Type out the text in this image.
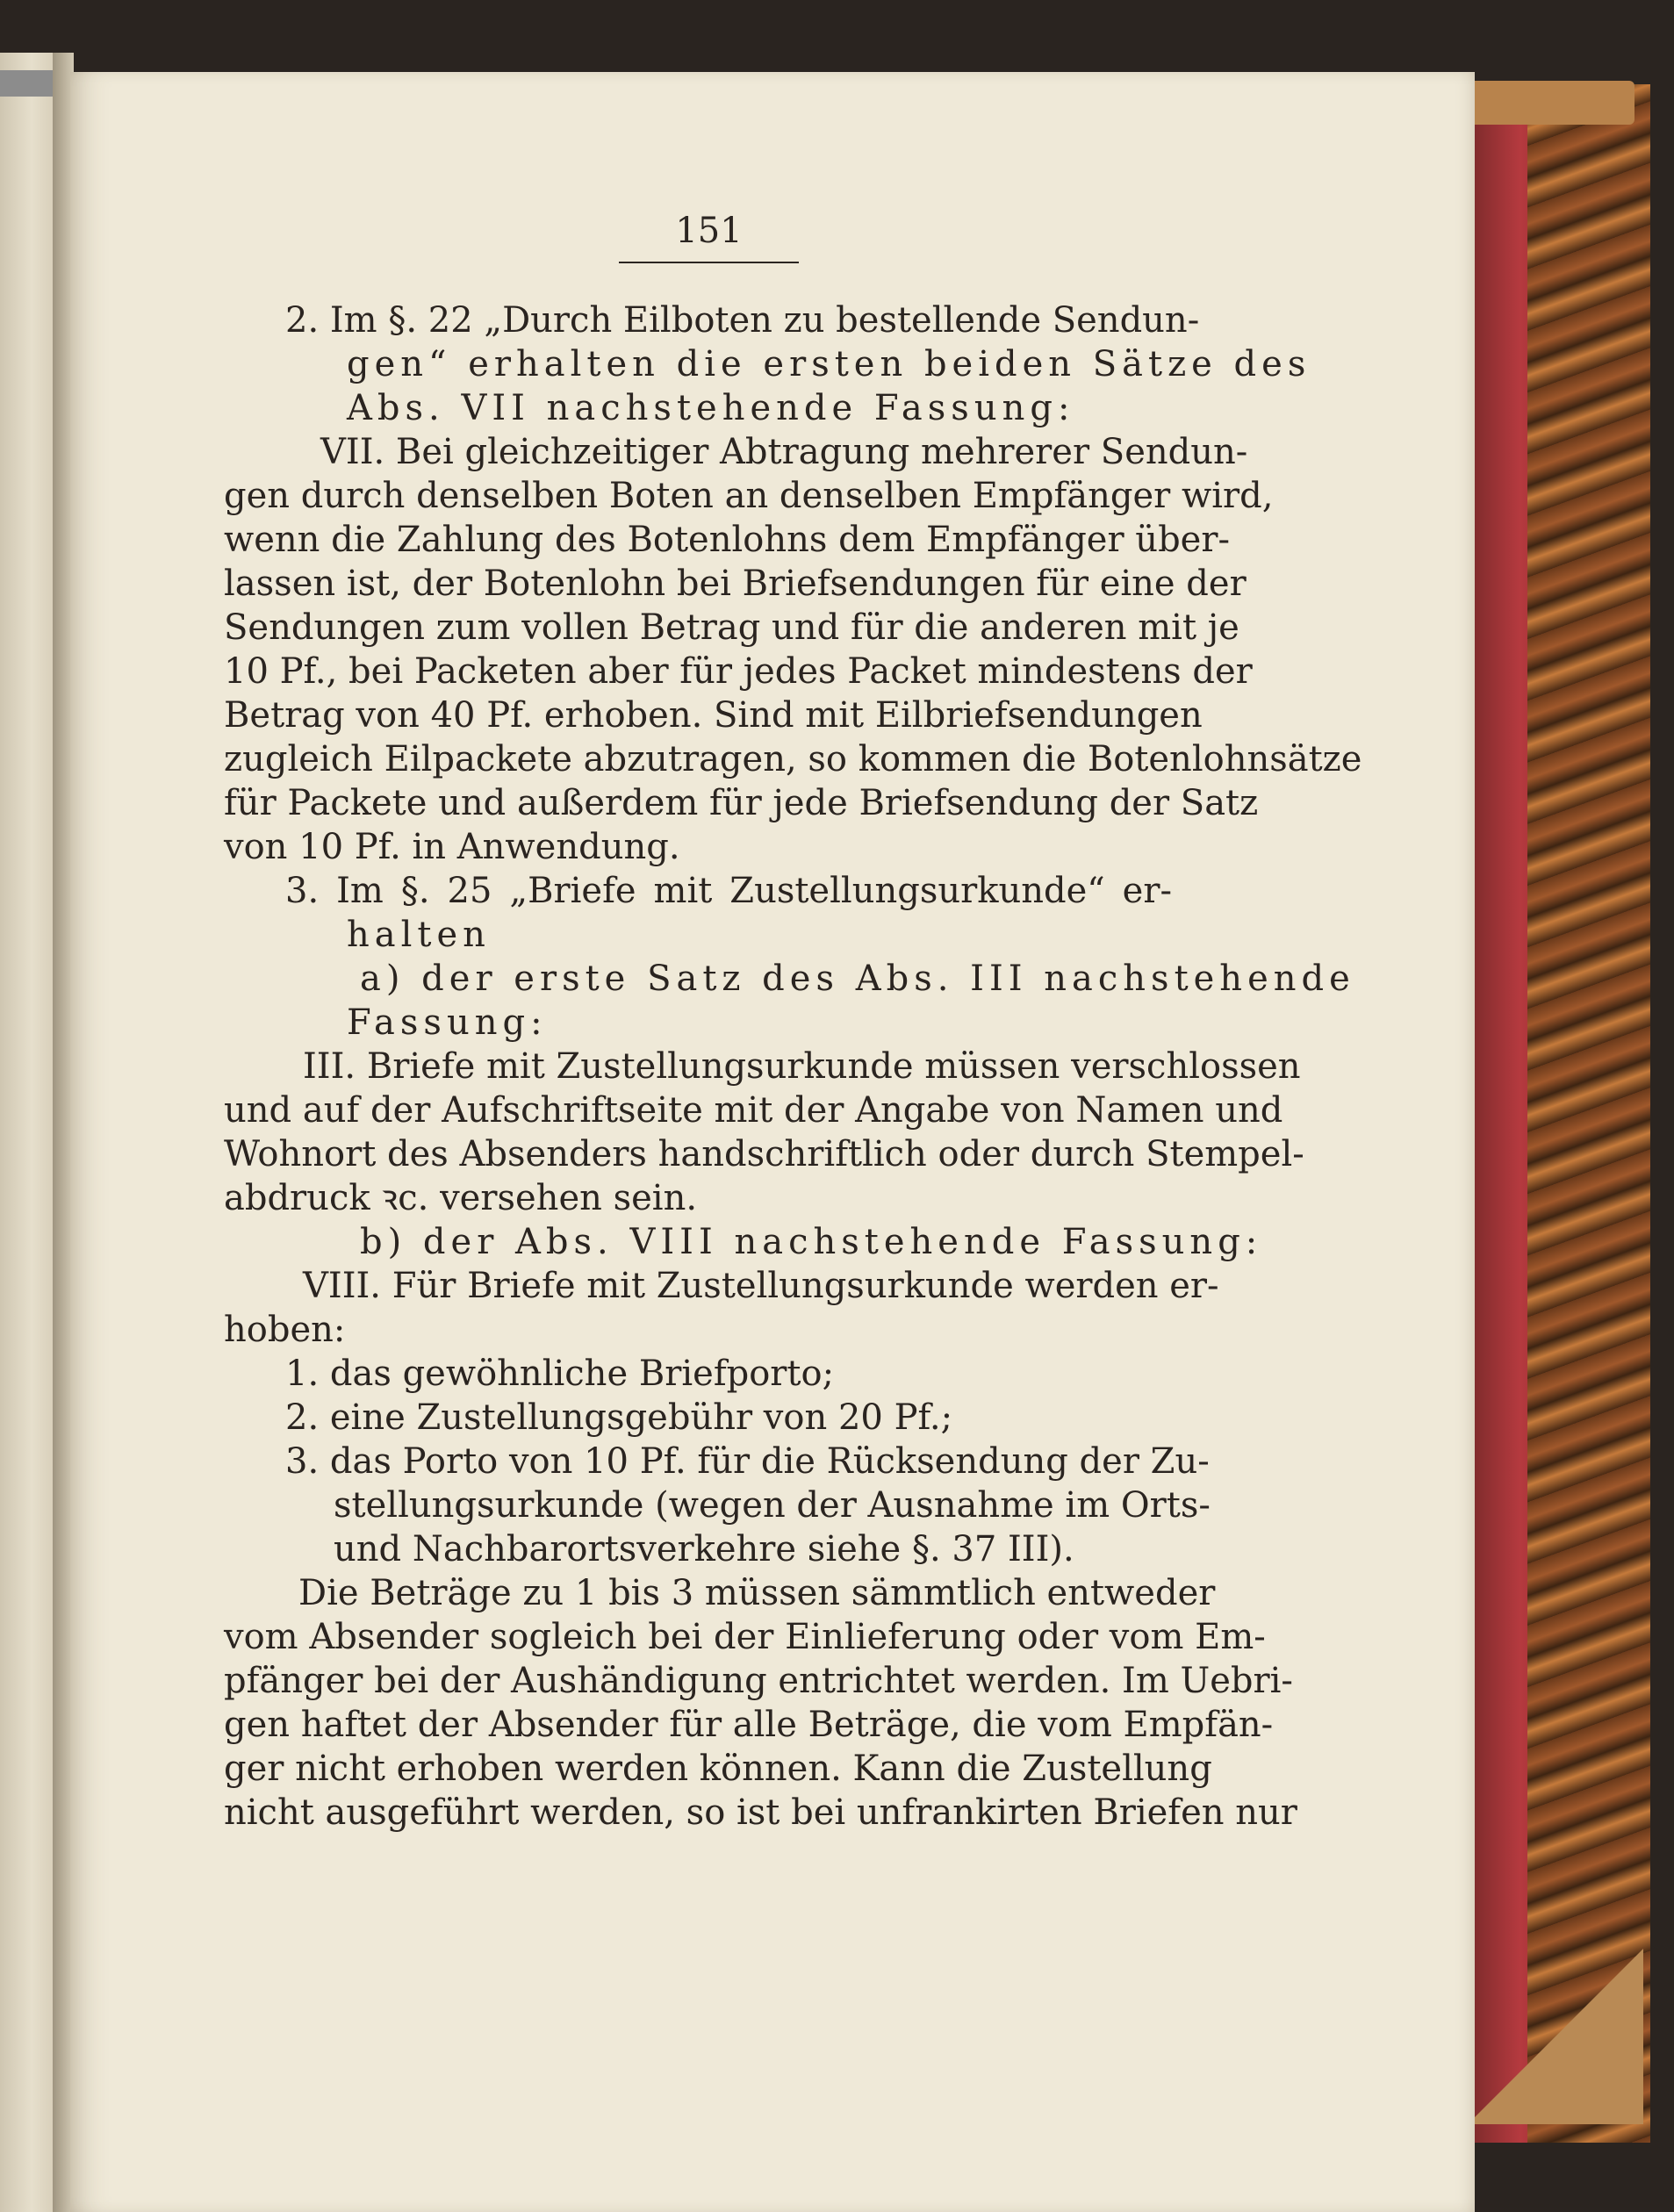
151
2. Im §. 22 „Durch Eilboten zu bestellende Sendun-
gen“ erhalten die ersten beiden Sätze des
Abs. VII nachstehende Fassung:
VII. Bei gleichzeitiger Abtragung mehrerer Sendun-
gen durch denselben Boten an denselben Empfänger wird,
wenn die Zahlung des Botenlohns dem Empfänger über-
lassen ist, der Botenlohn bei Briefsendungen für eine der
Sendungen zum vollen Betrag und für die anderen mit je
10 Pf., bei Packeten aber für jedes Packet mindestens der
Betrag von 40 Pf. erhoben. Sind mit Eilbriefsendungen
zugleich Eilpackete abzutragen, so kommen die Botenlohnsätze
für Packete und außerdem für jede Briefsendung der Satz
von 10 Pf. in Anwendung.
3. Im §. 25 „Briefe mit Zustellungsurkunde“ er-
halten
a) der erste Satz des Abs. III nachstehende
Fassung:
III. Briefe mit Zustellungsurkunde müssen verschlossen
und auf der Aufschriftseite mit der Angabe von Namen und
Wohnort des Absenders handschriftlich oder durch Stempel-
abdruck ꝛc. versehen sein.
b) der Abs. VIII nachstehende Fassung:
VIII. Für Briefe mit Zustellungsurkunde werden er-
hoben:
1. das gewöhnliche Briefporto;
2. eine Zustellungsgebühr von 20 Pf.;
3. das Porto von 10 Pf. für die Rücksendung der Zu-
stellungsurkunde (wegen der Ausnahme im Orts-
und Nachbarortsverkehre siehe §. 37 III).
Die Beträge zu 1 bis 3 müssen sämmtlich entweder
vom Absender sogleich bei der Einlieferung oder vom Em-
pfänger bei der Aushändigung entrichtet werden. Im Uebri-
gen haftet der Absender für alle Beträge, die vom Empfän-
ger nicht erhoben werden können. Kann die Zustellung
nicht ausgeführt werden, so ist bei unfrankirten Briefen nur
